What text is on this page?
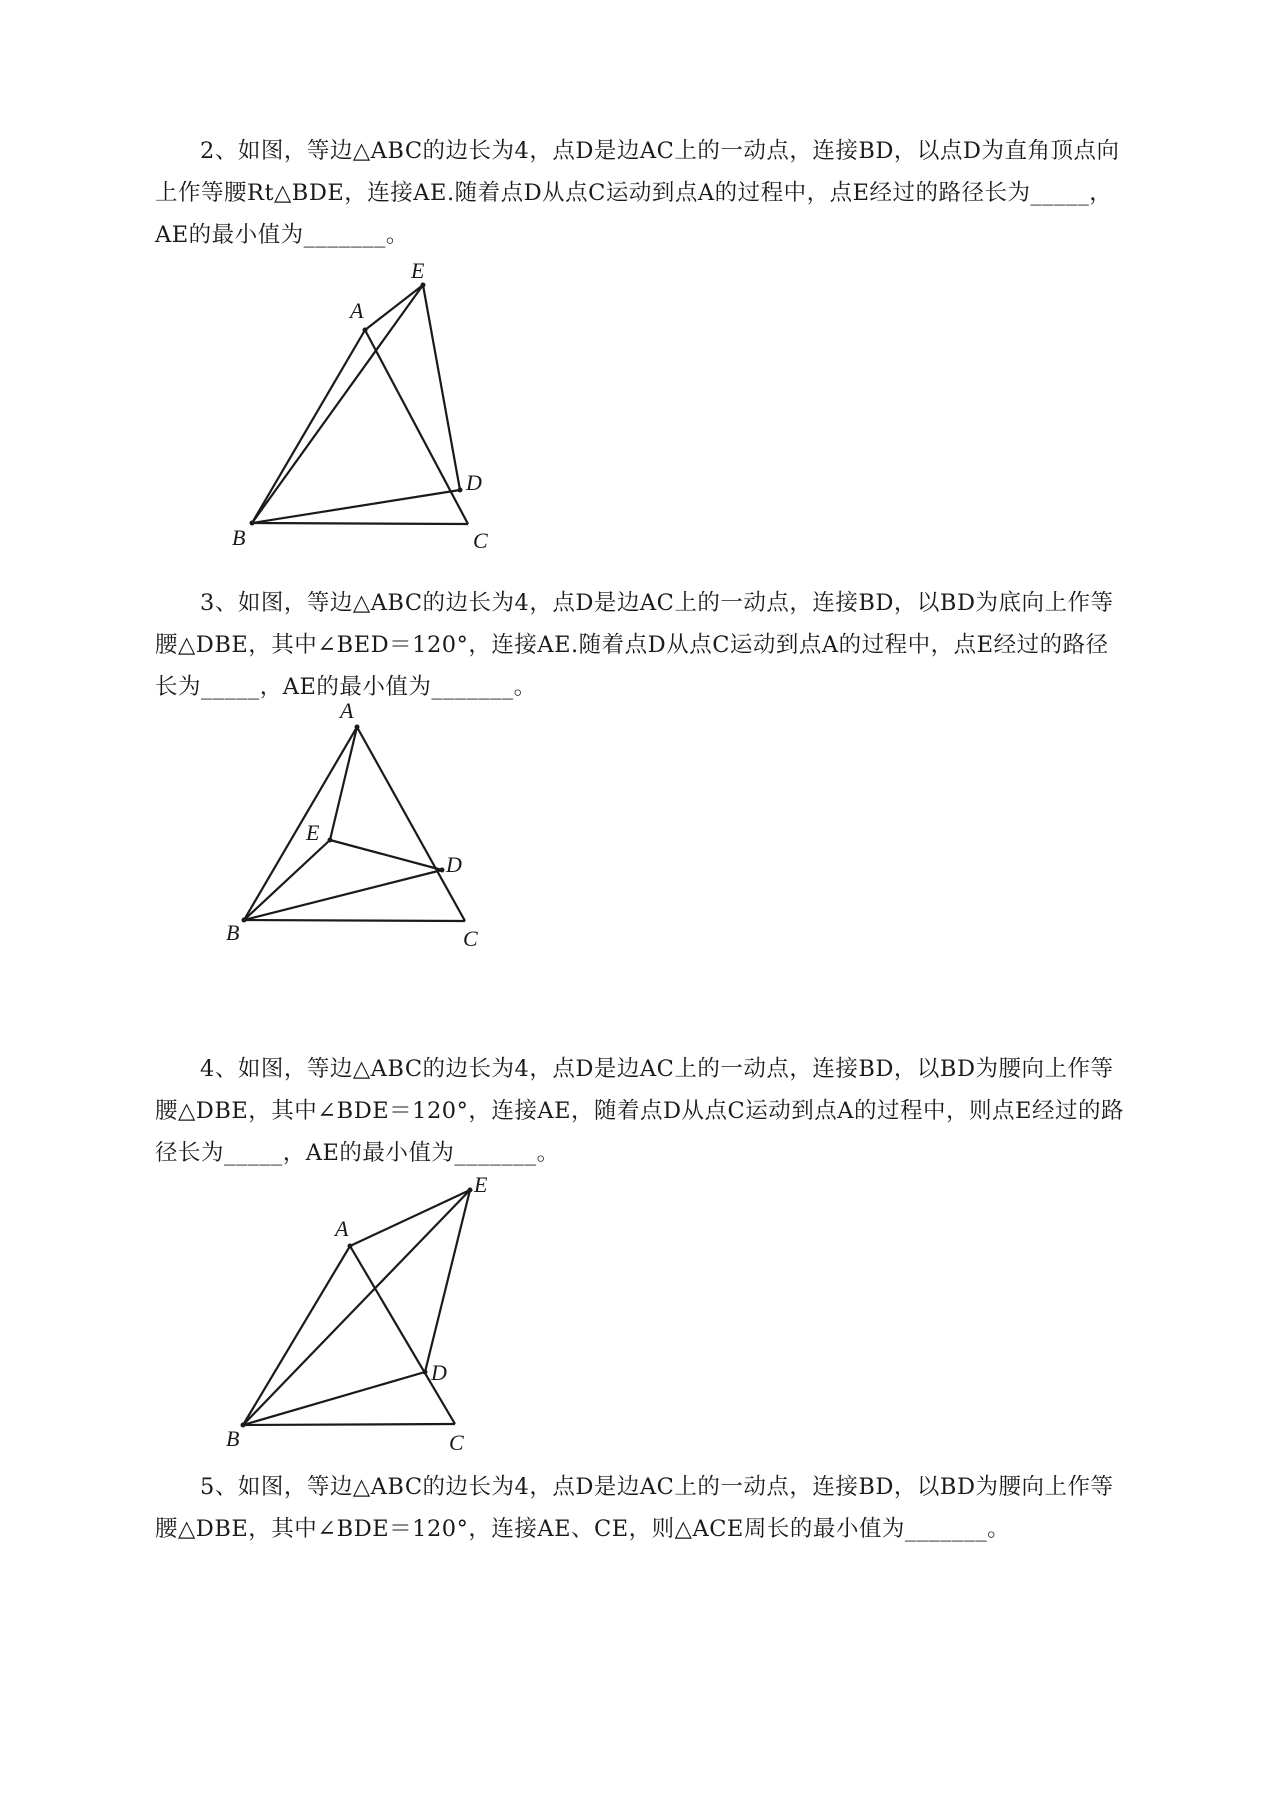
2、如图，等边△ABC的边长为4，点D是边AC上的一动点，连接BD，以点D为直角顶点向上作等腰Rt△BDE，连接AE.随着点D从点C运动到点A的过程中，点E经过的路径长为_____，AE的最小值为_______。
E
A
D
B	C
3、如图，等边△ABC的边长为4，点D是边AC上的一动点，连接BD，以BD为底向上作等腰△DBE，其中∠BED＝120°，连接AE.随着点D从点C运动到点A的过程中，点E经过的路径长为_____，AE的最小值为_______。
A
E
D
B	C
4、如图，等边△ABC的边长为4，点D是边AC上的一动点，连接BD，以BD为腰向上作等腰△DBE，其中∠BDE＝120°，连接AE，随着点D从点C运动到点A的过程中，则点E经过的路径长为_____，AE的最小值为_______。
E
A
D
B	C
5、如图，等边△ABC的边长为4，点D是边AC上的一动点，连接BD，以BD为腰向上作等腰△DBE，其中∠BDE＝120°，连接AE、CE，则△ACE周长的最小值为_______。
